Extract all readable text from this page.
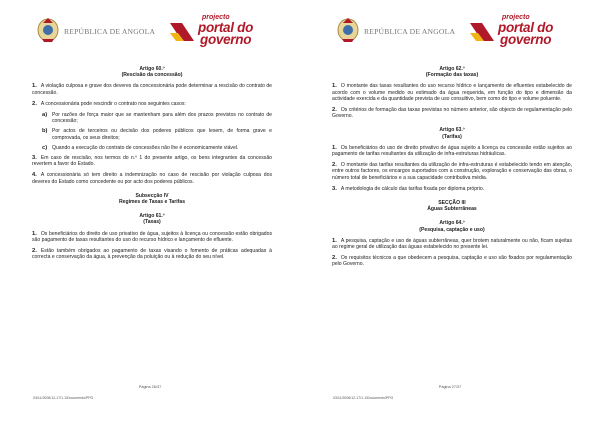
REPÚBLICA DE ANGOLA
projecto
portal do
governo

Artigo 60.º

(Rescisão da concessão)

1. A violação culposa e grave dos deveres da concessionária pode determinar a rescisão do contrato de concessão.

2. A concessionária pode rescindir o contrato nos seguintes casos:

a) Por razões de força maior que se mantenham para além dos prazos previstos no contrato de concessão;
b) Por actos de terceiros ou decisão dos poderes públicos que lesem, de forma grave e comprovada, os seus direitos;
c) Quando a execução do contrato de concessões não lhe é economicamente viável.

3. Em caso de rescisão, nos termos do n.º 1 do presente artigo, os bens integrantes da concessão revertem a favor do Estado.

4. A concessionária só tem direito a indemnização no caso de rescisão por violação culposa dos deveres do Estado como concedente ou por acto dos poderes públicos.

Subsecção IV

Regimes de Taxas e Tarifas

Artigo 61.º

(Taxas)

1. Os beneficiários do direito de uso privativo de água, sujeitos à licença ou concessão estão obrigados são pagamento de taxas resultantes do uso do recurso hídrico e lançamento de efluente.

2. Estão também obrigados ao pagamento de taxas visando o fomento de práticas adequadas à correcta e conservação da água, à prevenção da poluição ou à redução do seu nível.

Página 26/37
03/11/2006/12-17/1.1/Documento/PPG
REPÚBLICA DE ANGOLA
projecto
portal do
governo

Artigo 62.º

(Formação das taxas)

1. O montante das taxas resultantes do uso recurso hídrico e lançamento de efluentes estabelecido de acordo com o volume medido ou estimado da água requerida, em função do tipo e dimensão da actividade exercida e da quantidade prevista de uso consultivo, bem como do tipo e volume poluente.

2. Os critérios de formação das taxas previstas no número anterior, são objecto de regulamentação pelo Governo.

Artigo 63.º

(Tarifas)

1. Os beneficiários do uso de direito privativo de água sujeito a licença ou concessão estão sujeitos ao pagamento de tarifas resultantes da utilização de infra-estruturas hidráulicas.

2. O montante das tarifas resultantes da utilização de infra-estruturas é estabelecido tendo em atenção, entre outros factores, os encargos suportados com a construção, exploração e conservação das obras, o número total de beneficiários e a sua capacidade contributiva média.

3. A metodologia de cálculo das tarifas fixada por diploma próprio.

SECÇÃO III

Águas Subterrâneas

Artigo 64.º

(Pesquisa, captação e uso)

1. A pesquisa, captação e uso de águas subterrâneas, quer brotem naturalmente ou não, ficam sujeitas ao regime geral de utilização das águas estabelecido no presente lei.

2. Os requisitos técnicos a que obedecem a pesquisa, captação e uso são fixados por regulamentação pelo Governo.

Página 27/37
03/11/2006/12-17/1.1/Documento/PPG
